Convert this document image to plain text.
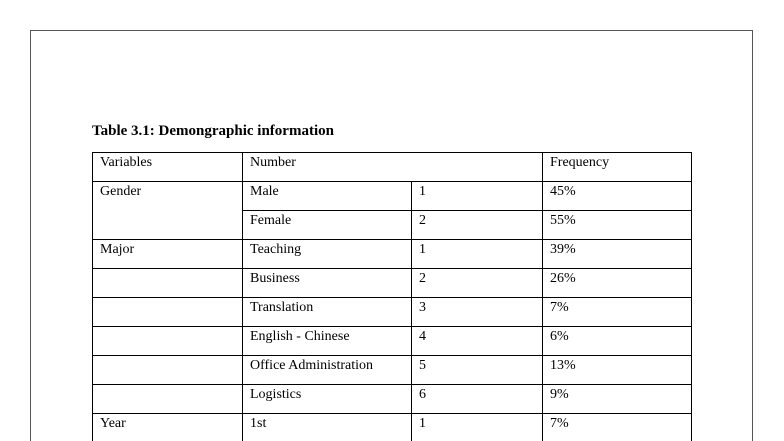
Table 3.1: Demongraphic information
Variables	Number		Frequency
Gender	Male	1	45%
	Female	2	55%
Major	Teaching	1	39%
	Business	2	26%
	Translation	3	7%
	English - Chinese	4	6%
	Office Administration	5	13%
	Logistics	6	9%
Year	1st	1	7%
